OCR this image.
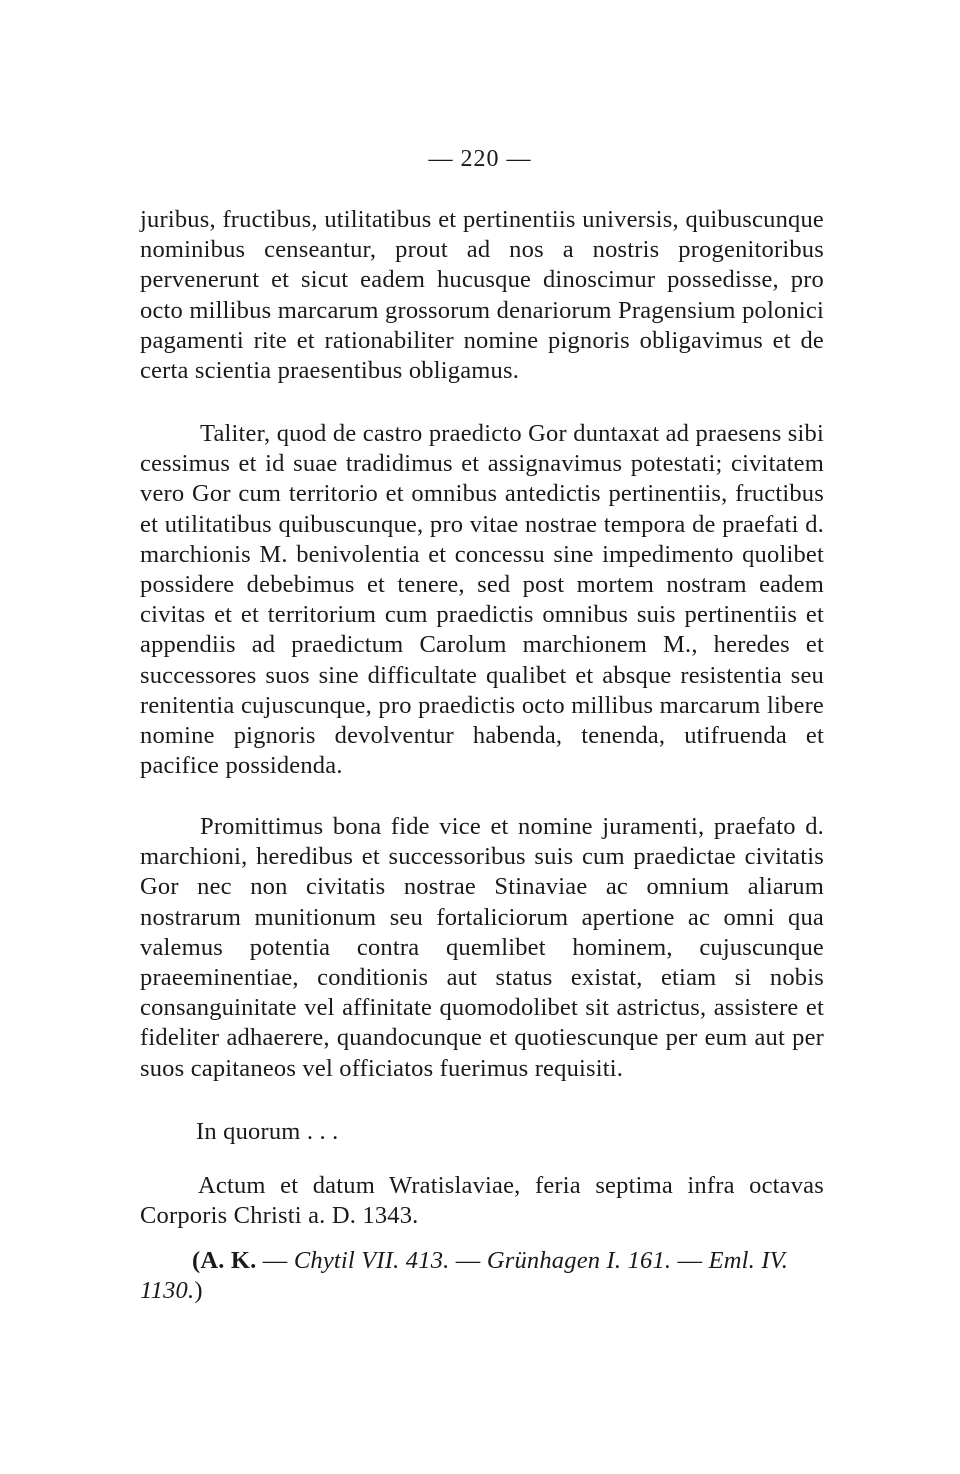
— 220 —
juribus, fructibus, utilitatibus et pertinentiis universis, quibuscunque nominibus censeantur, prout ad nos a nostris progenitoribus pervenerunt et sicut eadem hucusque dinoscimur possedisse, pro octo millibus marcarum grossorum denariorum Pragensium polonici pagamenti rite et rationabiliter nomine pignoris obligavimus et de certa scientia praesentibus obligamus.
Taliter, quod de castro praedicto Gor duntaxat ad praesens sibi cessimus et id suae tradidimus et assignavimus potestati; civitatem vero Gor cum territorio et omnibus antedictis pertinentiis, fructibus et utilitatibus quibuscunque, pro vitae nostrae tempora de praefati d. marchionis M. benivolentia et concessu sine impedimento quolibet possidere debebimus et tenere, sed post mortem nostram eadem civitas et et territorium cum praedictis omnibus suis pertinentiis et appendiis ad praedictum Carolum marchionem M., heredes et successores suos sine difficultate qualibet et absque resistentia seu renitentia cujuscunque, pro praedictis octo millibus marcarum libere nomine pignoris devolventur habenda, tenenda, utifruenda et pacifice possidenda.
Promittimus bona fide vice et nomine juramenti, praefato d. marchioni, heredibus et successoribus suis cum praedictae civitatis Gor nec non civitatis nostrae Stinaviae ac omnium aliarum nostrarum munitionum seu fortaliciorum apertione ac omni qua valemus potentia contra quemlibet hominem, cujuscunque praeeminentiae, conditionis aut status existat, etiam si nobis consanguinitate vel affinitate quomodolibet sit astrictus, assistere et fideliter adhaerere, quandocunque et quotiescunque per eum aut per suos capitaneos vel officiatos fuerimus requisiti.
In quorum . . .
Actum et datum Wratislaviae, feria septima infra octavas Corporis Christi a. D. 1343.
(A. K. — Chytil VII. 413. — Grünhagen I. 161. — Eml. IV. 1130.)
